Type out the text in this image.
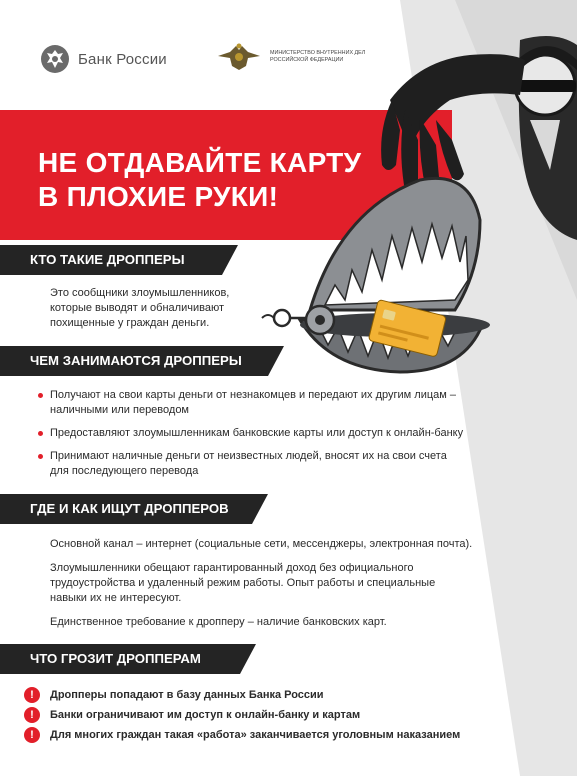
Банк России	МИНИСТЕРСТВО ВНУТРЕННИХ ДЕЛ РОССИЙСКОЙ ФЕДЕРАЦИИ
НЕ ОТДАВАЙТЕ КАРТУ
В ПЛОХИЕ РУКИ!
КТО ТАКИЕ ДРОППЕРЫ
Это сообщники злоумышленников,
которые выводят и обналичивают
похищенные у граждан деньги.
ЧЕМ ЗАНИМАЮТСЯ ДРОППЕРЫ
Получают на свои карты деньги от незнакомцев и передают их другим лицам –
наличными или переводом
Предоставляют злоумышленникам банковские карты или доступ к онлайн-банку
Принимают наличные деньги от неизвестных людей, вносят их на свои счета
для последующего перевода
ГДЕ И КАК ИЩУТ ДРОППЕРОВ
Основной канал – интернет (социальные сети, мессенджеры, электронная почта).
Злоумышленники обещают гарантированный доход без официального
трудоустройства и удаленный режим работы. Опыт работы и специальные
навыки их не интересуют.
Единственное требование к дропперу – наличие банковских карт.
ЧТО ГРОЗИТ ДРОППЕРАМ
!	Дропперы попадают в базу данных Банка России
!	Банки ограничивают им доступ к онлайн-банку и картам
!	Для многих граждан такая «работа» заканчивается уголовным наказанием
